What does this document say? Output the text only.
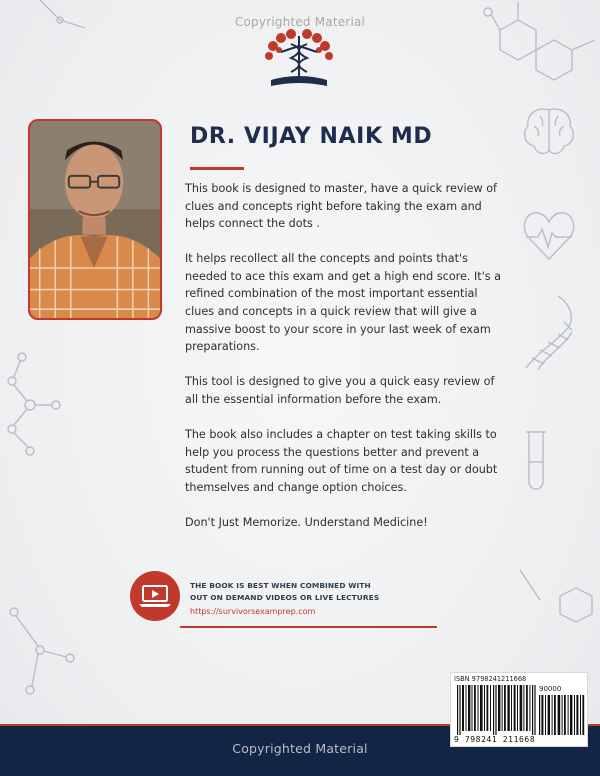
Copyrighted Material
DR. VIJAY NAIK MD

This book is designed to master, have a quick review of clues and concepts right before taking the exam and helps connect the dots .

It helps recollect all the concepts and points that's needed to ace this exam and get a high end score. It's a refined combination of the most important essential clues and concepts in a quick review that will give a massive boost to your score in your last week of exam preparations.

This tool is designed to give you a quick easy review of all the essential information before the exam.

The book also includes a chapter on test taking skills to help you process the questions better and prevent a student from running out of time on a test day or doubt themselves and change option choices.

Don't Just Memorize. Understand Medicine!

THE BOOK IS BEST WHEN COMBINED WITH
OUT ON DEMAND VIDEOS OR LIVE LECTURES
https://survivorsexamprep.com
ISBN 9798241211668
90000
9 798241 211668
Copyrighted Material
